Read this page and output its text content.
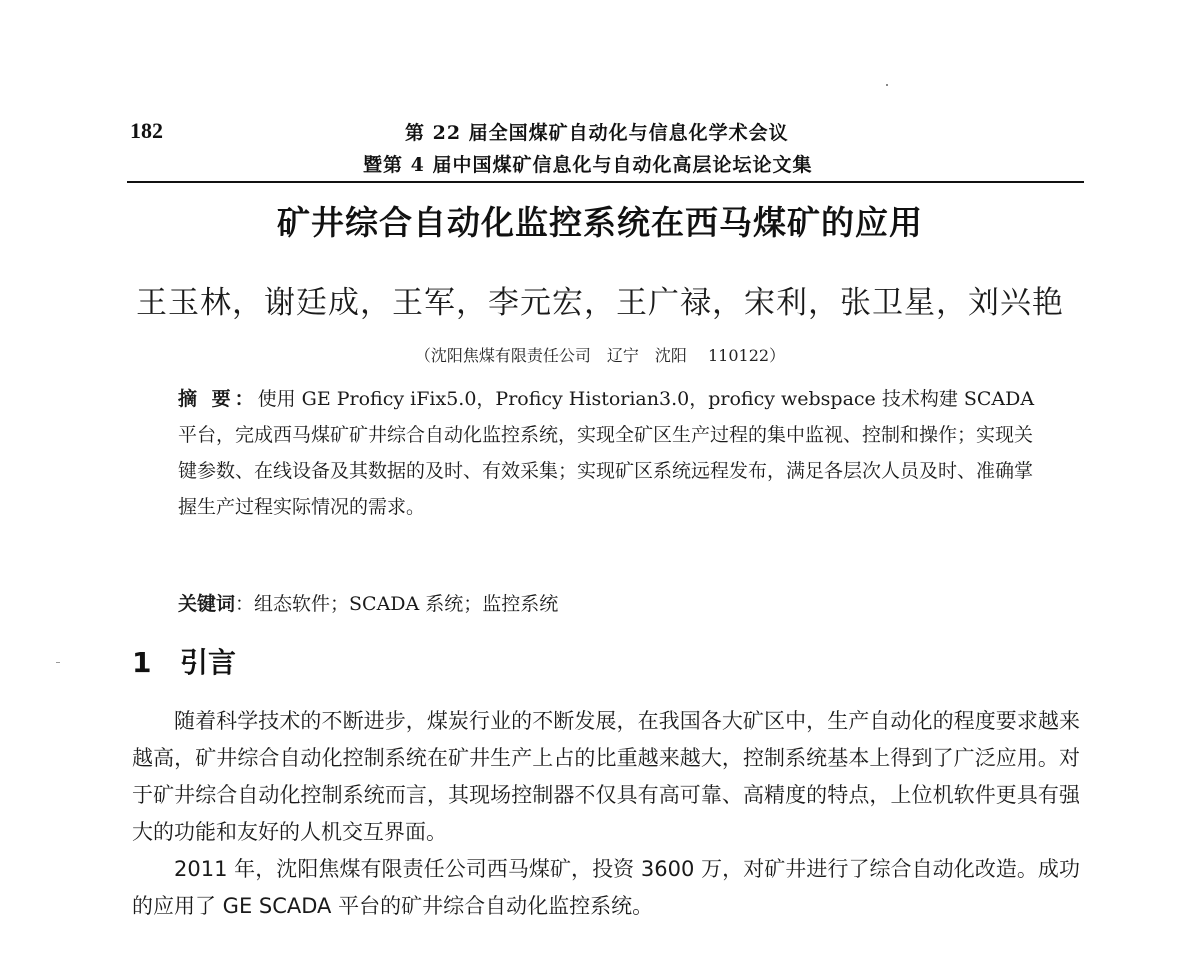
182	第 22 届全国煤矿自动化与信息化学术会议
暨第 4 届中国煤矿信息化与自动化高层论坛论文集
矿井综合自动化监控系统在西马煤矿的应用
王玉林，谢廷成，王军，李元宏，王广禄，宋利，张卫星，刘兴艳
（沈阳焦煤有限责任公司　辽宁　沈阳　 110122）
摘 要：使用 GE Proficy iFix5.0，Proficy Historian3.0，proficy webspace 技术构建 SCADA 平台，完成西马煤矿矿井综合自动化监控系统，实现全矿区生产过程的集中监视、控制和操作；实现关键参数、在线设备及其数据的及时、有效采集；实现矿区系统远程发布，满足各层次人员及时、准确掌握生产过程实际情况的需求。
关键词：组态软件；SCADA 系统；监控系统
1 引言

随着科学技术的不断进步，煤炭行业的不断发展，在我国各大矿区中，生产自动化的程度要求越来越高，矿井综合自动化控制系统在矿井生产上占的比重越来越大，控制系统基本上得到了广泛应用。对于矿井综合自动化控制系统而言，其现场控制器不仅具有高可靠、高精度的特点，上位机软件更具有强大的功能和友好的人机交互界面。

2011 年，沈阳焦煤有限责任公司西马煤矿，投资 3600 万，对矿井进行了综合自动化改造。成功的应用了 GE SCADA 平台的矿井综合自动化监控系统。
